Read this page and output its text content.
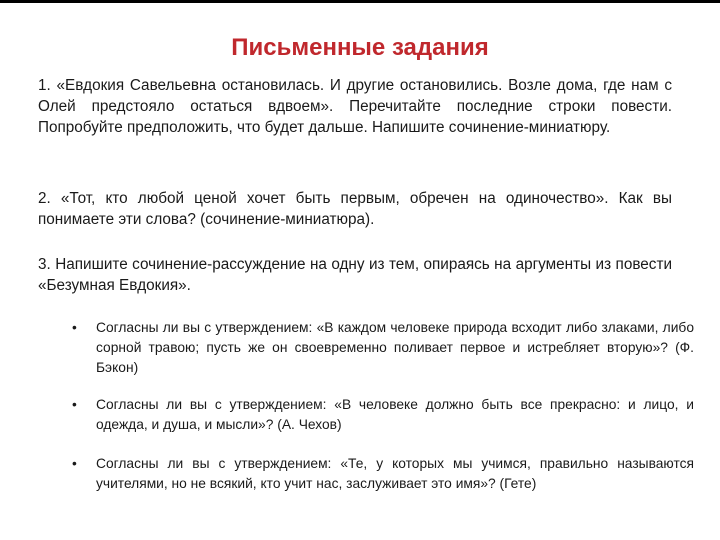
Письменные задания

1. «Евдокия Савельевна остановилась. И другие остановились. Возле дома, где нам с Олей предстояло остаться вдвоем». Перечитайте последние строки повести. Попробуйте предположить, что будет дальше. Напишите сочинение-миниатюру.

2. «Тот, кто любой ценой хочет быть первым, обречен на одиночество». Как вы понимаете эти слова? (сочинение-миниатюра).

3. Напишите сочинение-рассуждение на одну из тем, опираясь на аргументы из повести «Безумная Евдокия».

• Согласны ли вы с утверждением: «В каждом человеке природа всходит либо злаками, либо сорной травою; пусть же он своевременно поливает первое и истребляет вторую»? (Ф. Бэкон)
• Согласны ли вы с утверждением: «В человеке должно быть все прекрасно: и лицо, и одежда, и душа, и мысли»? (А. Чехов)
• Согласны ли вы с утверждением: «Те, у которых мы учимся, правильно называются учителями, но не всякий, кто учит нас, заслуживает это имя»? (Гете)
